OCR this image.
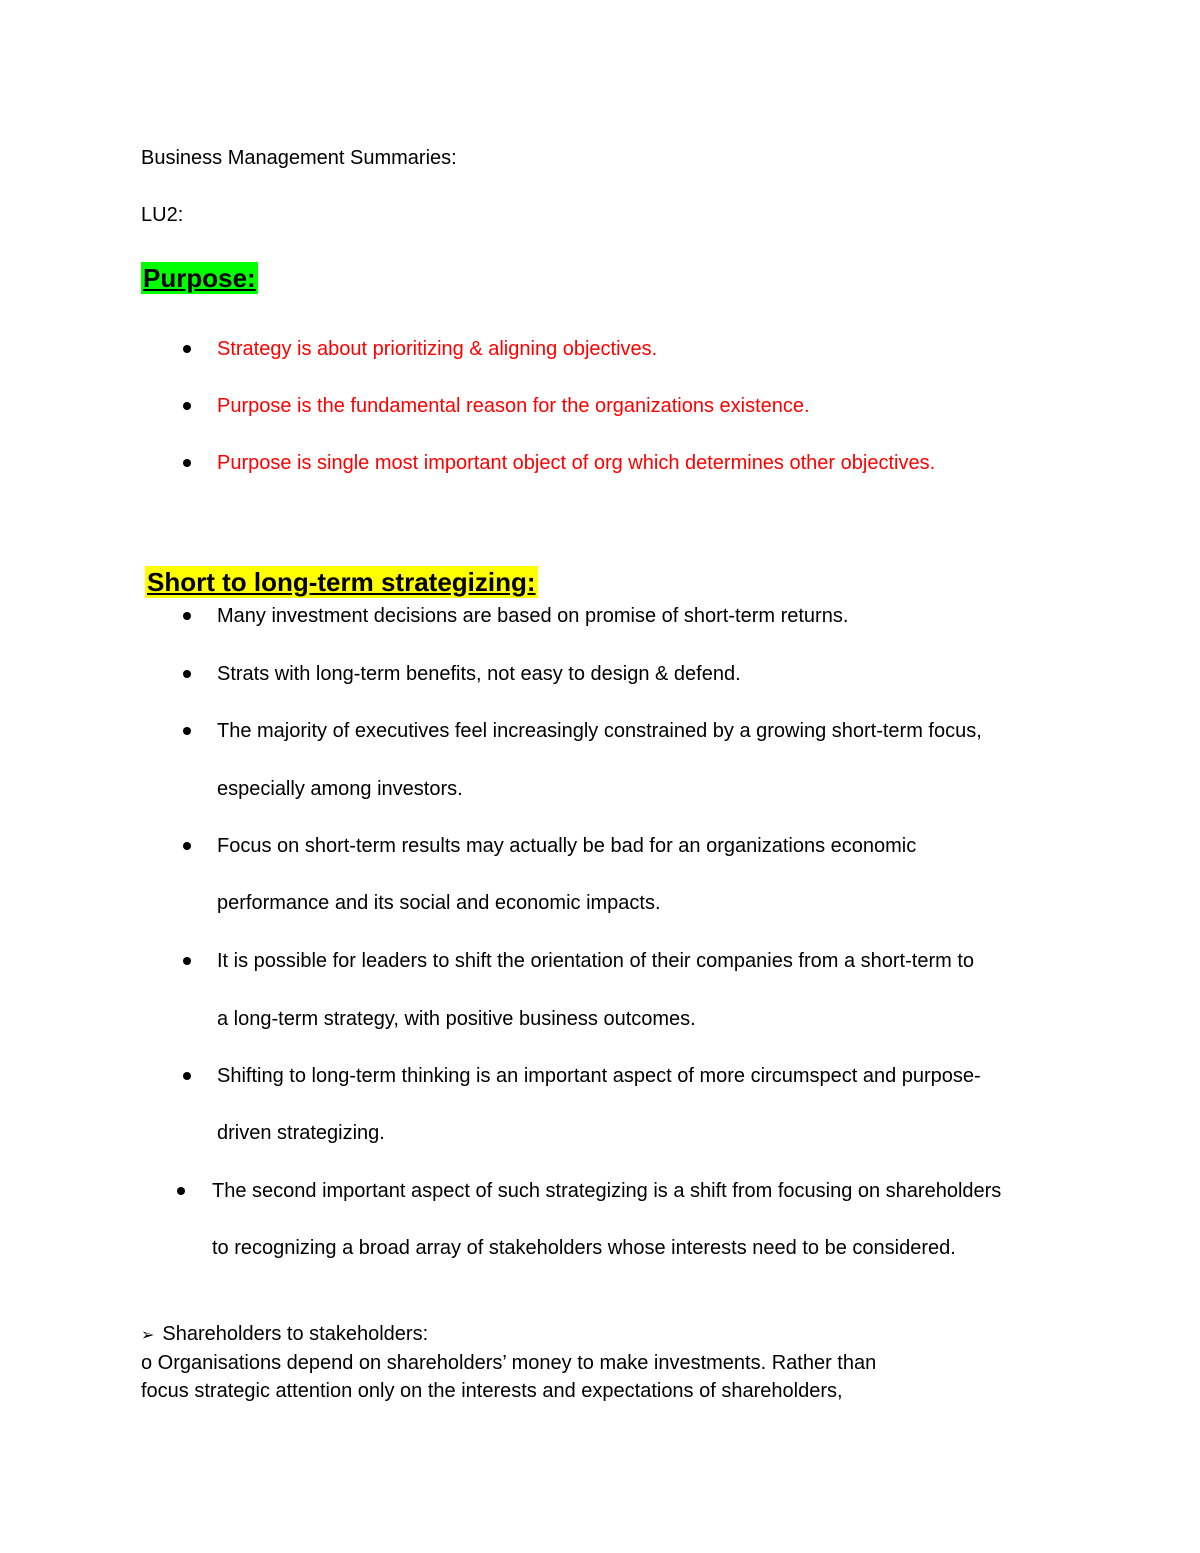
Business Management Summaries:
LU2:
Purpose:
Strategy is about prioritizing & aligning objectives.
Purpose is the fundamental reason for the organizations existence.
Purpose is single most important object of org which determines other objectives.
Short to long-term strategizing:
Many investment decisions are based on promise of short-term returns.
Strats with long-term benefits, not easy to design & defend.
The majority of executives feel increasingly constrained by a growing short-term focus,
especially among investors.
Focus on short-term results may actually be bad for an organizations economic
performance and its social and economic impacts.
It is possible for leaders to shift the orientation of their companies from a short-term to
a long-term strategy, with positive business outcomes.
Shifting to long-term thinking is an important aspect of more circumspect and purpose-
driven strategizing.
The second important aspect of such strategizing is a shift from focusing on shareholders
to recognizing a broad array of stakeholders whose interests need to be considered.
➢ Shareholders to stakeholders:
o Organisations depend on shareholders’ money to make investments. Rather than
focus strategic attention only on the interests and expectations of shareholders,
